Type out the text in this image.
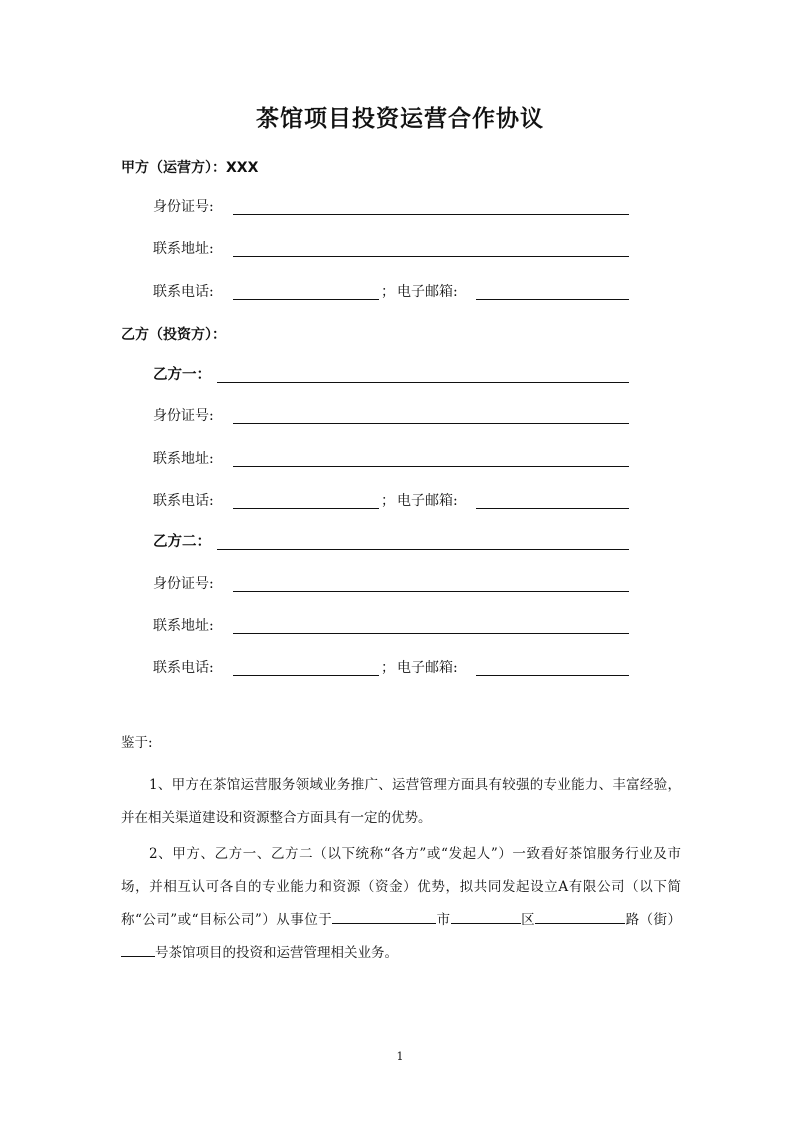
茶馆项目投资运营合作协议
甲方（运营方）：XXX
身份证号:
联系地址:
联系电话:	； 电子邮箱:
乙方（投资方）：
乙方一：
身份证号:
联系地址:
联系电话:	； 电子邮箱:
乙方二：
身份证号:
联系地址:
联系电话:	； 电子邮箱:

鉴于:

1、甲方在茶馆运营服务领域业务推广、运营管理方面具有较强的专业能力、丰富经验，并在相关渠道建设和资源整合方面具有一定的优势。

2、甲方、乙方一、乙方二（以下统称“各方”或“发起人”）一致看好茶馆服务行业及市场，并相互认可各自的专业能力和资源（资金）优势，拟共同发起设立A有限公司（以下简称“公司”或“目标公司”）从事位于	市	区	路（街）号茶馆项目的投资和运营管理相关业务。

1
